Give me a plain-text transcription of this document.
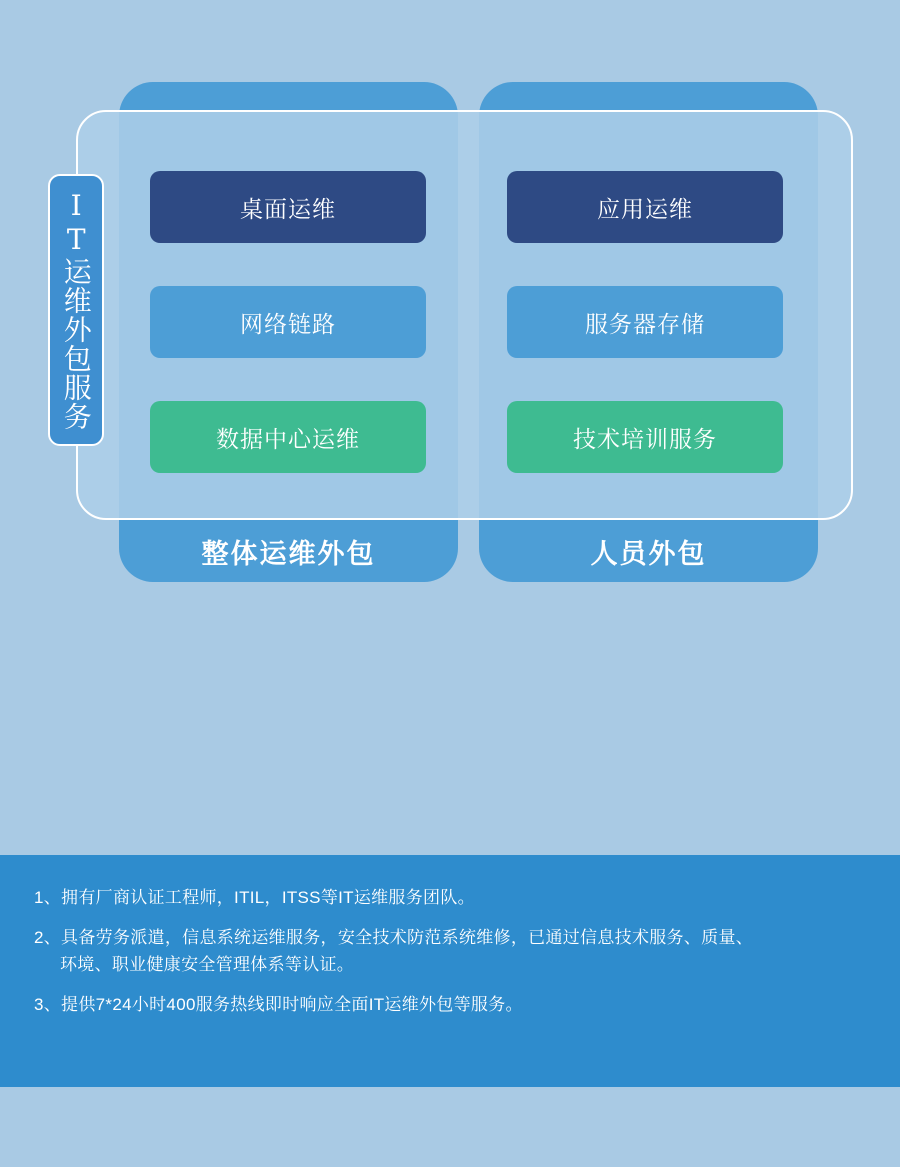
整体运维外包	人员外包
IT运维外包服务	桌面运维
网络链路
数据中心运维
应用运维
服务器存储
技术培训服务
1、拥有厂商认证工程师，ITIL，ITSS等IT运维服务团队。
2、具备劳务派遣，信息系统运维服务，安全技术防范系统维修，已通过信息技术服务、质量、
环境、职业健康安全管理体系等认证。
3、提供7*24小时400服务热线即时响应全面IT运维外包等服务。
